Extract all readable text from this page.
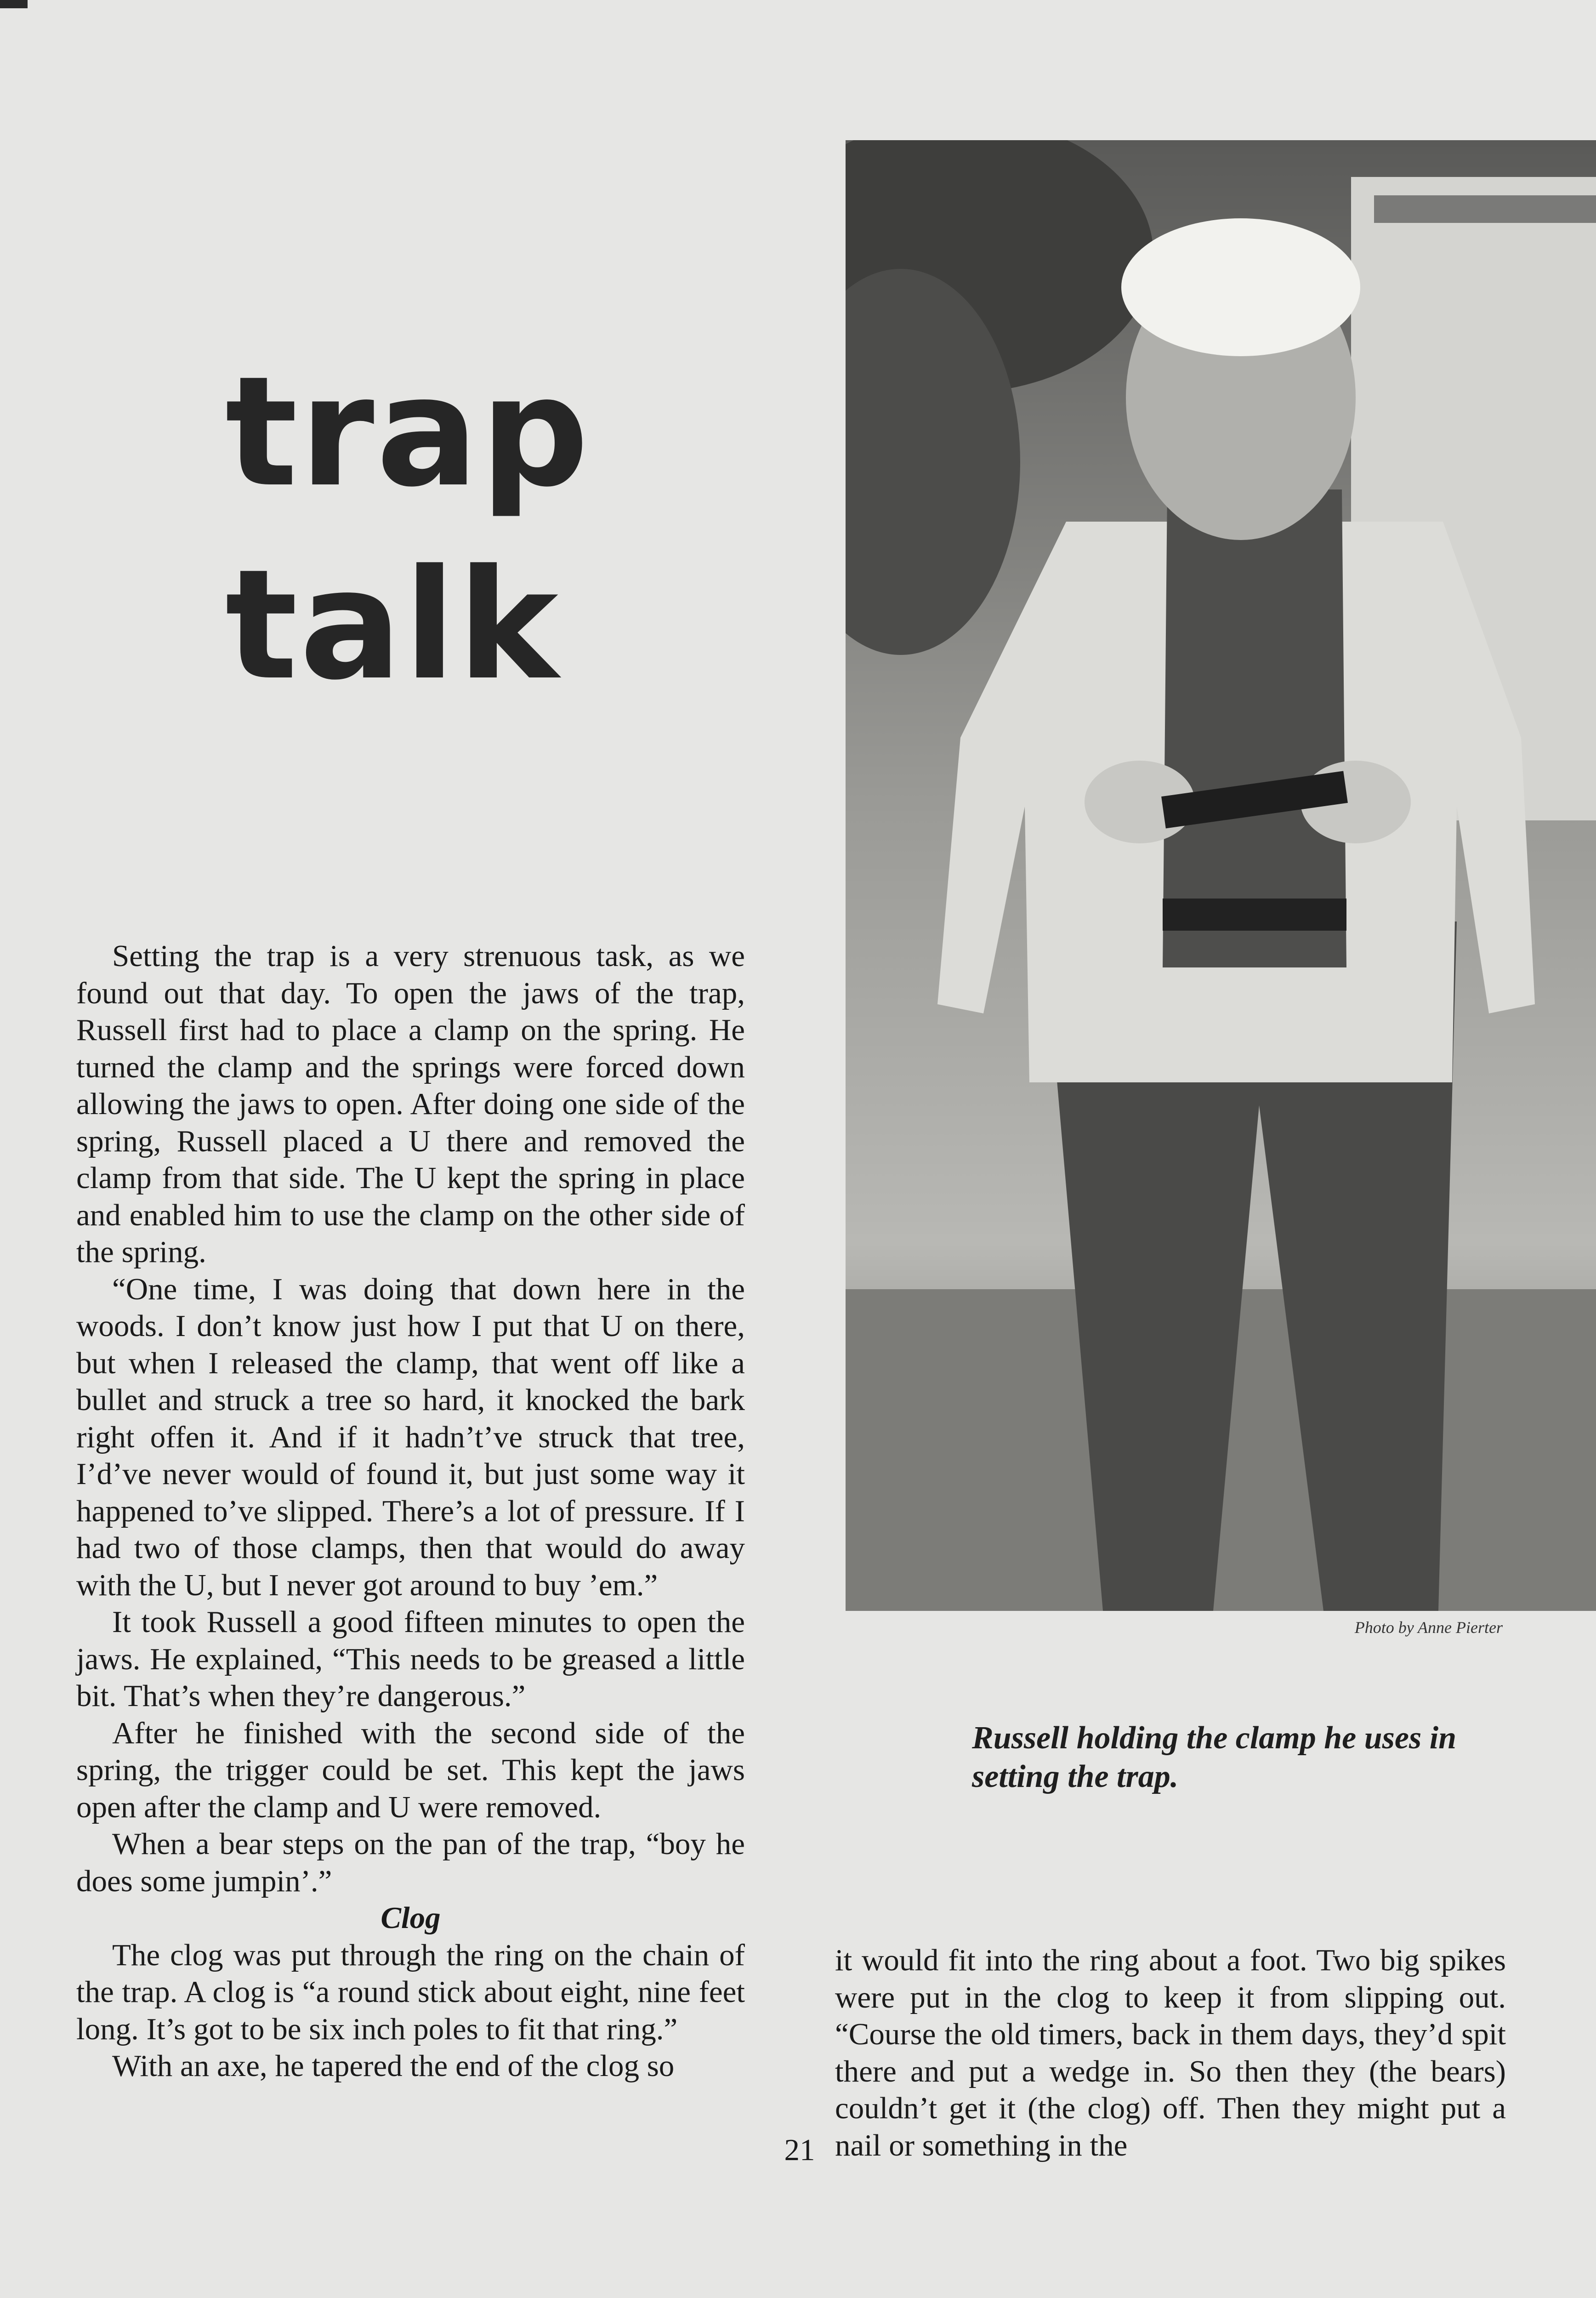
trap
talk

Setting the trap is a very strenuous task, as we found out that day. To open the jaws of the trap, Russell first had to place a clamp on the spring. He turned the clamp and the springs were forced down allowing the jaws to open. After doing one side of the spring, Russell placed a U there and removed the clamp from that side. The U kept the spring in place and enabled him to use the clamp on the other side of the spring.

“One time, I was doing that down here in the woods. I don’t know just how I put that U on there, but when I released the clamp, that went off like a bullet and struck a tree so hard, it knocked the bark right offen it. And if it hadn’t’ve struck that tree, I’d’ve never would of found it, but just some way it happened to’ve slipped. There’s a lot of pressure. If I had two of those clamps, then that would do away with the U, but I never got around to buy ’em.”

It took Russell a good fifteen minutes to open the jaws. He explained, “This needs to be greased a little bit. That’s when they’re dangerous.”

After he finished with the second side of the spring, the trigger could be set. This kept the jaws open after the clamp and U were removed.

When a bear steps on the pan of the trap, “boy he does some jumpin’.”

Clog

The clog was put through the ring on the chain of the trap. A clog is “a round stick about eight, nine feet long. It’s got to be six inch poles to fit that ring.”

With an axe, he tapered the end of the clog so

Photo by Anne Pierter
Russell holding the clamp he uses in setting the trap.

it would fit into the ring about a foot. Two big spikes were put in the clog to keep it from slipping out. “Course the old timers, back in them days, they’d spit there and put a wedge in. So then they (the bears) couldn’t get it (the clog) off. Then they might put a nail or something in the

21
